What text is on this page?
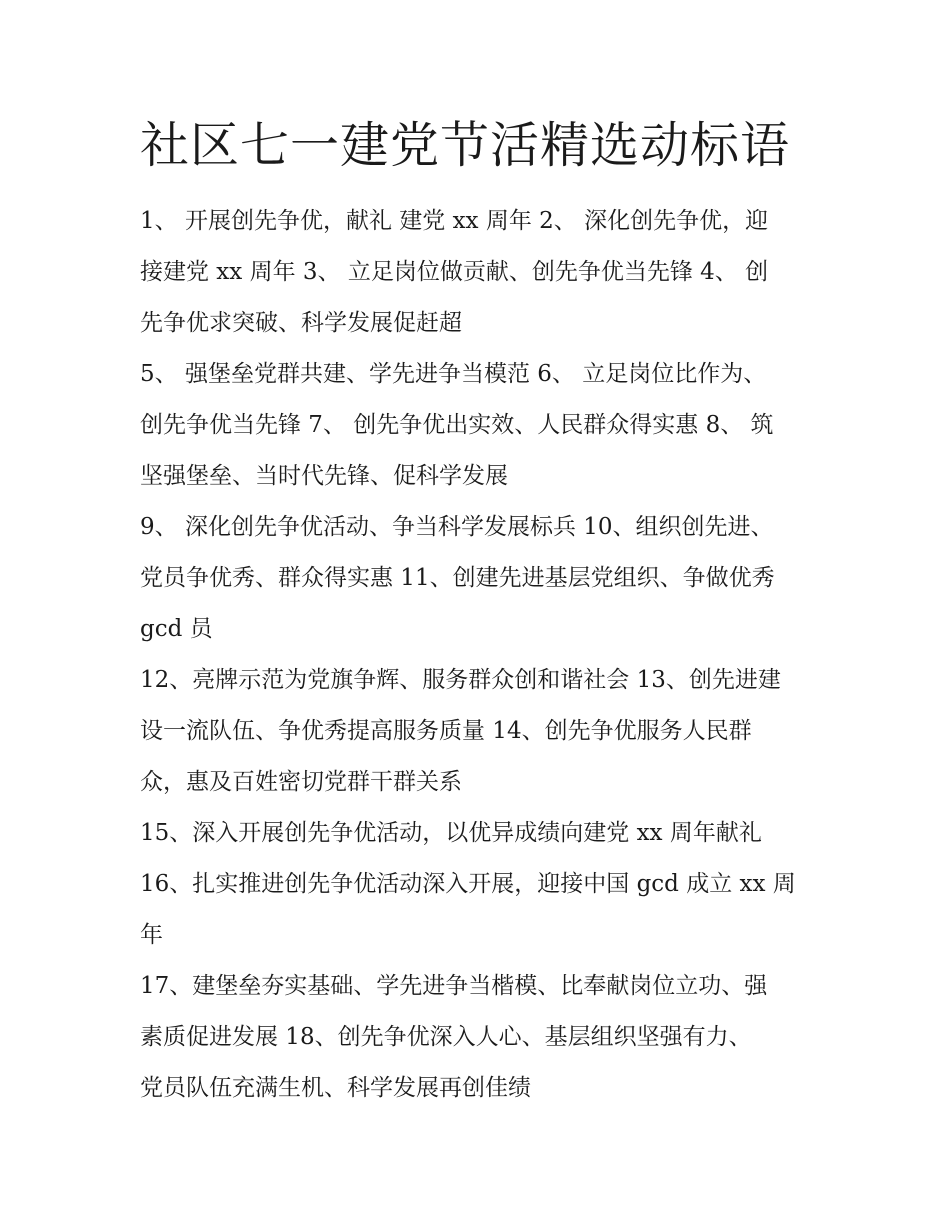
社区七一建党节活精选动标语
1、 开展创先争优，献礼 建党 xx 周年 2、 深化创先争优，迎
接建党 xx 周年 3、 立足岗位做贡献、创先争优当先锋 4、 创
先争优求突破、科学发展促赶超
5、 强堡垒党群共建、学先进争当模范 6、 立足岗位比作为、
创先争优当先锋 7、 创先争优出实效、人民群众得实惠 8、 筑
坚强堡垒、当时代先锋、促科学发展
9、 深化创先争优活动、争当科学发展标兵 10、组织创先进、
党员争优秀、群众得实惠 11、创建先进基层党组织、争做优秀
gcd 员
12、亮牌示范为党旗争辉、服务群众创和谐社会 13、创先进建
设一流队伍、争优秀提高服务质量 14、创先争优服务人民群
众，惠及百姓密切党群干群关系
15、深入开展创先争优活动，以优异成绩向建党 xx 周年献礼
16、扎实推进创先争优活动深入开展，迎接中国 gcd 成立 xx 周
年
17、建堡垒夯实基础、学先进争当楷模、比奉献岗位立功、强
素质促进发展 18、创先争优深入人心、基层组织坚强有力、
党员队伍充满生机、科学发展再创佳绩
